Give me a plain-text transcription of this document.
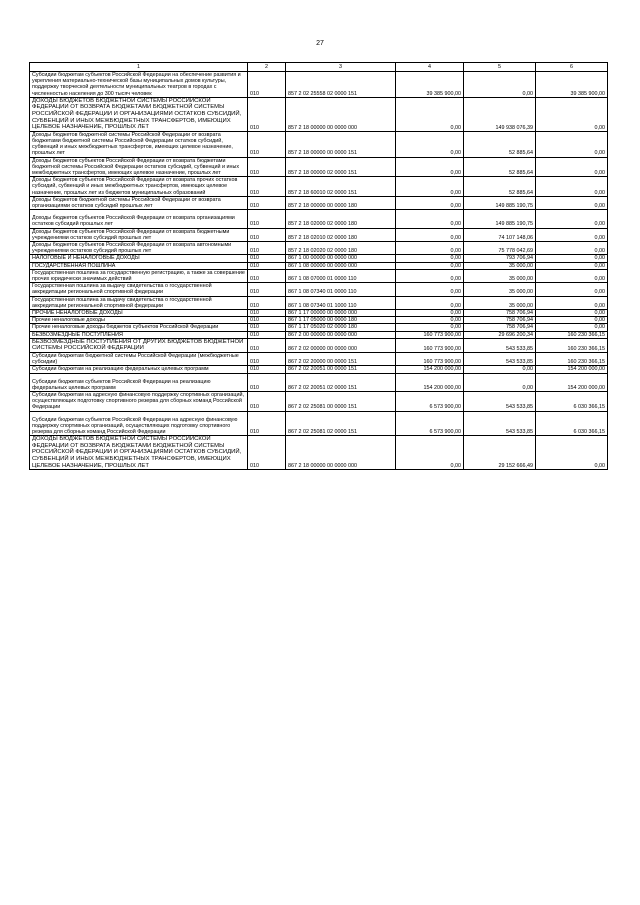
27
1	2	3	4	5	6
Субсидии бюджетам субъектов Российской Федерации на обеспечение развития и укрепления материально-технической базы муниципальных домов культуры, поддержку творческой деятельности муниципальных театров в городах с численностью населения до 300 тысяч человек	010	857 2 02 25558 02 0000 151	39 385 900,00	0,00	39 385 900,00
ДОХОДЫ БЮДЖЕТОВ БЮДЖЕТНОЙ СИСТЕМЫ РОССИЙСКОЙ ФЕДЕРАЦИИ ОТ ВОЗВРАТА БЮДЖЕТАМИ БЮДЖЕТНОЙ СИСТЕМЫ РОССИЙСКОЙ ФЕДЕРАЦИИ И ОРГАНИЗАЦИЯМИ ОСТАТКОВ СУБСИДИЙ, СУБВЕНЦИЙ И ИНЫХ МЕЖБЮДЖЕТНЫХ ТРАНСФЕРТОВ, ИМЕЮЩИХ ЦЕЛЕВОЕ НАЗНАЧЕНИЕ, ПРОШЛЫХ ЛЕТ	010	857 2 18 00000 00 0000 000	0,00	149 938 076,39	0,00
Доходы бюджетов бюджетной системы Российской Федерации от возврата бюджетами бюджетной системы Российской Федерации остатков субсидий, субвенций и иных межбюджетных трансфертов, имеющих целевое назначение, прошлых лет	010	857 2 18 00000 00 0000 151	0,00	52 885,64	0,00
Доходы бюджетов субъектов Российской Федерации от возврата бюджетами бюджетной системы Российской Федерации остатков субсидий, субвенций и иных межбюджетных трансфертов, имеющих целевое назначение, прошлых лет	010	857 2 18 00000 02 0000 151	0,00	52 885,64	0,00
Доходы бюджетов субъектов Российской Федерации от возврата прочих остатков субсидий, субвенций и иных межбюджетных трансфертов, имеющих целевое назначение, прошлых лет из бюджетов муниципальных образований	010	857 2 18 60010 02 0000 151	0,00	52 885,64	0,00
Доходы бюджетов бюджетной системы Российской Федерации от возврата организациями остатков субсидий прошлых лет	010	857 2 18 00000 00 0000 180	0,00	149 885 190,75	0,00
Доходы бюджетов субъектов Российской Федерации от возврата организациями остатков субсидий прошлых лет	010	857 2 18 02000 02 0000 180	0,00	149 885 190,75	0,00
Доходы бюджетов субъектов Российской Федерации от возврата бюджетными учреждениями остатков субсидий прошлых лет	010	857 2 18 02010 02 0000 180	0,00	74 107 148,06	0,00
Доходы бюджетов субъектов Российской Федерации от возврата автономными учреждениями остатков субсидий прошлых лет	010	857 2 18 02020 02 0000 180	0,00	75 778 042,69	0,00
НАЛОГОВЫЕ И НЕНАЛОГОВЫЕ ДОХОДЫ	010	867 1 00 00000 00 0000 000	0,00	793 706,94	0,00
ГОСУДАРСТВЕННАЯ ПОШЛИНА	010	867 1 08 00000 00 0000 000	0,00	35 000,00	0,00
Государственная пошлина за государственную регистрацию, а также за совершение прочих юридически значимых действий	010	867 1 08 07000 01 0000 110	0,00	35 000,00	0,00
Государственная пошлина за выдачу свидетельства о государственной аккредитации региональной спортивной федерации	010	867 1 08 07340 01 0000 110	0,00	35 000,00	0,00
Государственная пошлина за выдачу свидетельства о государственной аккредитации региональной спортивной федерации	010	867 1 08 07340 01 1000 110	0,00	35 000,00	0,00
ПРОЧИЕ НЕНАЛОГОВЫЕ ДОХОДЫ	010	867 1 17 00000 00 0000 000	0,00	758 706,94	0,00
Прочие неналоговые доходы	010	867 1 17 05000 00 0000 180	0,00	758 706,94	0,00
Прочие неналоговые доходы бюджетов субъектов Российской Федерации	010	867 1 17 05020 02 0000 180	0,00	758 706,94	0,00
БЕЗВОЗМЕЗДНЫЕ ПОСТУПЛЕНИЯ	010	867 2 00 00000 00 0000 000	160 773 900,00	29 696 200,34	160 230 366,15
БЕЗВОЗМЕЗДНЫЕ ПОСТУПЛЕНИЯ ОТ ДРУГИХ БЮДЖЕТОВ БЮДЖЕТНОЙ СИСТЕМЫ РОССИЙСКОЙ ФЕДЕРАЦИИ	010	867 2 02 00000 00 0000 000	160 773 900,00	543 533,85	160 230 366,15
Субсидии бюджетам бюджетной системы Российской Федерации (межбюджетные субсидии)	010	867 2 02 20000 00 0000 151	160 773 900,00	543 533,85	160 230 366,15
Субсидии бюджетам на реализацию федеральных целевых программ	010	867 2 02 20051 00 0000 151	154 200 000,00	0,00	154 200 000,00
Субсидии бюджетам субъектов Российской Федерации на реализацию федеральных целевых программ	010	867 2 02 20051 02 0000 151	154 200 000,00	0,00	154 200 000,00
Субсидии бюджетам на адресную финансовую поддержку спортивных организаций, осуществляющих подготовку спортивного резерва для сборных команд Российской Федерации	010	867 2 02 25081 00 0000 151	6 573 900,00	543 533,85	6 030 366,15
Субсидии бюджетам субъектов Российской Федерации на адресную финансовую поддержку спортивных организаций, осуществляющих подготовку спортивного резерва для сборных команд Российской Федерации	010	867 2 02 25081 02 0000 151	6 573 900,00	543 533,85	6 030 366,15
ДОХОДЫ БЮДЖЕТОВ БЮДЖЕТНОЙ СИСТЕМЫ РОССИЙСКОЙ ФЕДЕРАЦИИ ОТ ВОЗВРАТА БЮДЖЕТАМИ БЮДЖЕТНОЙ СИСТЕМЫ РОССИЙСКОЙ ФЕДЕРАЦИИ И ОРГАНИЗАЦИЯМИ ОСТАТКОВ СУБСИДИЙ, СУБВЕНЦИЙ И ИНЫХ МЕЖБЮДЖЕТНЫХ ТРАНСФЕРТОВ, ИМЕЮЩИХ ЦЕЛЕВОЕ НАЗНАЧЕНИЕ, ПРОШЛЫХ ЛЕТ	010	867 2 18 00000 00 0000 000	0,00	29 152 666,49	0,00
